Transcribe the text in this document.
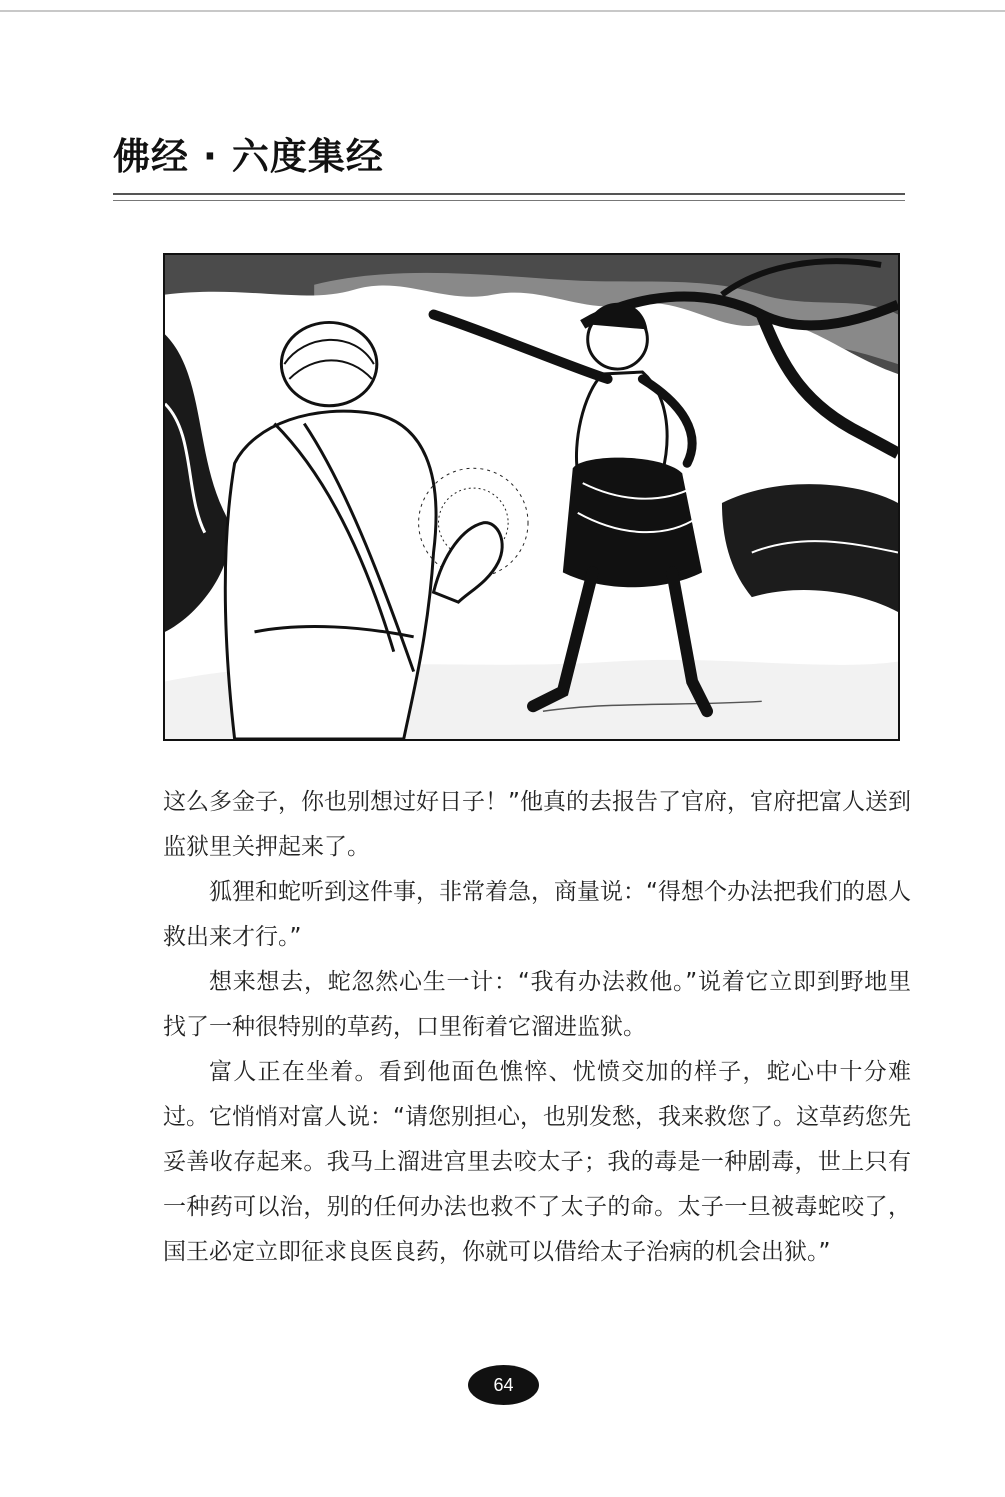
佛经 · 六度集经

这么多金子，你也别想过好日子！”他真的去报告了官府，官府把富人送到监狱里关押起来了。

狐狸和蛇听到这件事，非常着急，商量说：“得想个办法把我们的恩人救出来才行。”

想来想去，蛇忽然心生一计：“我有办法救他。”说着它立即到野地里找了一种很特别的草药，口里衔着它溜进监狱。

富人正在坐着。看到他面色憔悴、忧愤交加的样子，蛇心中十分难过。它悄悄对富人说：“请您别担心，也别发愁，我来救您了。这草药您先妥善收存起来。我马上溜进宫里去咬太子；我的毒是一种剧毒，世上只有一种药可以治，别的任何办法也救不了太子的命。太子一旦被毒蛇咬了，国王必定立即征求良医良药，你就可以借给太子治病的机会出狱。”

64
